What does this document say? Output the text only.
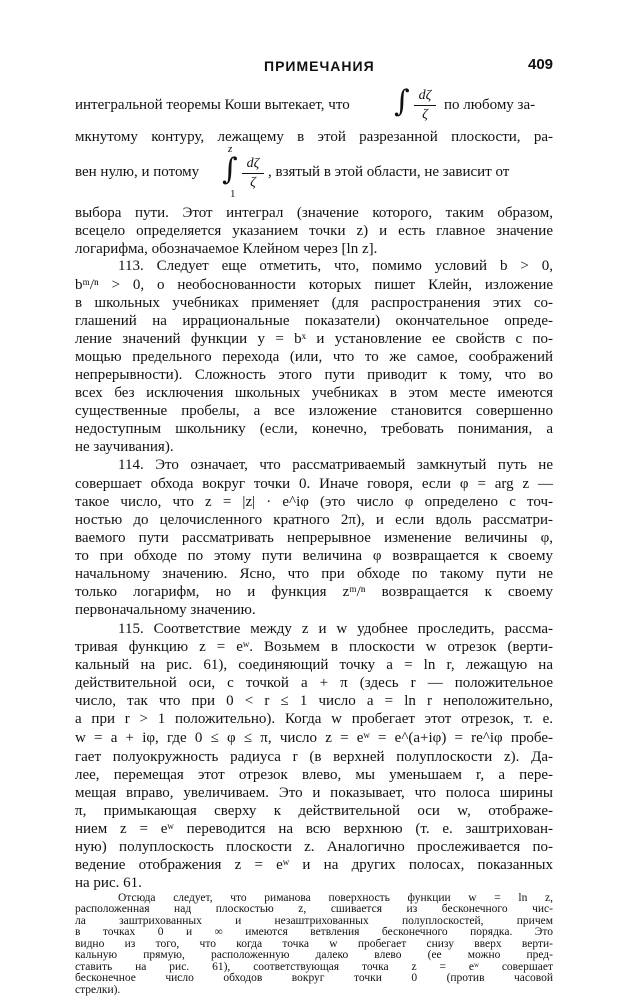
ПРИМЕЧАНИЯ	409
интегральной теоремы Коши вытекает, что ∫ dζ
ζ
по любому за-
мкнутому контуру, лежащему в этой разрезанной плоскости, ра-
вен нулю, и потому
z
∫
1
dζ
ζ
, взятый в этой области, не зависит от
выбора пути. Этот интеграл (значение которого, таким образом,
всецело определяется указанием точки z) и есть главное значение
логарифма, обозначаемое Клейном через [ln z].
113. Следует еще отметить, что, помимо условий b > 0,
bᵐ/ⁿ > 0, о необоснованности которых пишет Клейн, изложение
в школьных учебниках применяет (для распространения этих со-
глашений на иррациональные показатели) окончательное опреде-
ление значений функции y = bˣ и установление ее свойств с по-
мощью предельного перехода (или, что то же самое, соображений
непрерывности). Сложность этого пути приводит к тому, что во
всех без исключения школьных учебниках в этом месте имеются
существенные пробелы, а все изложение становится совершенно
недоступным школьнику (если, конечно, требовать понимания, а
не заучивания).
114. Это означает, что рассматриваемый замкнутый путь не
совершает обхода вокруг точки 0. Иначе говоря, если φ = arg z —
такое число, что z = |z| · e^iφ (это число φ определено с точ-
ностью до целочисленного кратного 2π), и если вдоль рассматри-
ваемого пути рассматривать непрерывное изменение величины φ,
то при обходе по этому пути величина φ возвращается к своему
начальному значению. Ясно, что при обходе по такому пути не
только логарифм, но и функция zᵐ/ⁿ возвращается к своему
первоначальному значению.
115. Соответствие между z и w удобнее проследить, рассма-
тривая функцию z = eʷ. Возьмем в плоскости w отрезок (верти-
кальный на рис. 61), соединяющий точку a = ln r, лежащую на
действительной оси, с точкой a + π (здесь r — положительное
число, так что при 0 < r ≤ 1 число a = ln r неположительно,
а при r > 1 положительно). Когда w пробегает этот отрезок, т. е.
w = a + iφ, где 0 ≤ φ ≤ π, число z = eʷ = e^(a+iφ) = re^iφ пробе-
гает полуокружность радиуса r (в верхней полуплоскости z). Да-
лее, перемещая этот отрезок влево, мы уменьшаем r, а пере-
мещая вправо, увеличиваем. Это и показывает, что полоса ширины
π, примыкающая сверху к действительной оси w, отображе-
нием z = eʷ переводится на всю верхнюю (т. е. заштрихован-
ную) полуплоскость плоскости z. Аналогично прослеживается по-
ведение отображения z = eʷ и на других полосах, показанных
на рис. 61.
Отсюда следует, что риманова поверхность функции w = ln z,
расположенная над плоскостью z, сшивается из бесконечного чис-
ла заштрихованных и незаштрихованных полуплоскостей, причем
в точках 0 и ∞ имеются ветвления бесконечного порядка. Это
видно из того, что когда точка w пробегает снизу вверх верти-
кальную прямую, расположенную далеко влево (ее можно пред-
ставить на рис. 61), соответствующая точка z = eʷ совершает
бесконечное число обходов вокруг точки 0 (против часовой
стрелки).
